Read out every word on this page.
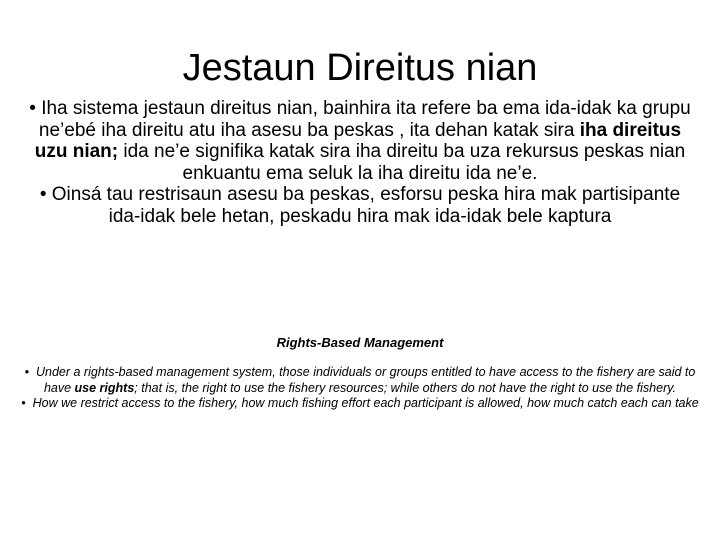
Jestaun Direitus nian

• Iha sistema jestaun direitus nian, bainhira ita refere ba ema ida-idak ka grupu ne’ebé iha direitu atu iha asesu ba peskas , ita dehan katak sira iha direitus uzu nian; ida ne’e signifika katak sira iha direitu ba uza rekursus peskas nian enkuantu ema seluk la iha direitu ida ne’e.

• Oinsá tau restrisaun asesu ba peskas, esforsu peska hira mak partisipante ida-idak bele hetan, peskadu hira mak ida-idak bele kaptura

Rights-Based Management

• Under a rights-based management system, those individuals or groups entitled to have access to the fishery are said to have use rights; that is, the right to use the fishery resources; while others do not have the right to use the fishery.

• How we restrict access to the fishery, how much fishing effort each participant is allowed, how much catch each can take
